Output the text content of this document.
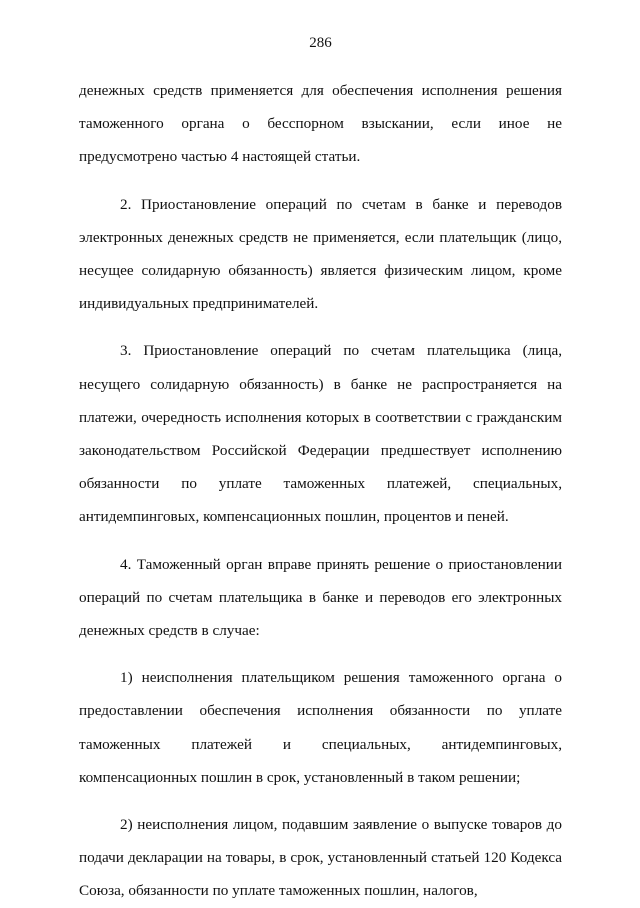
286

денежных средств применяется для обеспечения исполнения решения таможенного органа о бесспорном взыскании, если иное не предусмотрено частью 4 настоящей статьи.

2. Приостановление операций по счетам в банке и переводов электронных денежных средств не применяется, если плательщик (лицо, несущее солидарную обязанность) является физическим лицом, кроме индивидуальных предпринимателей.

3. Приостановление операций по счетам плательщика (лица, несущего солидарную обязанность) в банке не распространяется на платежи, очередность исполнения которых в соответствии с гражданским законодательством Российской Федерации предшествует исполнению обязанности по уплате таможенных платежей, специальных, антидемпинговых, компенсационных пошлин, процентов и пеней.

4. Таможенный орган вправе принять решение о приостановлении операций по счетам плательщика в банке и переводов его электронных денежных средств в случае:

1) неисполнения плательщиком решения таможенного органа о предоставлении обеспечения исполнения обязанности по уплате таможенных платежей и специальных, антидемпинговых, компенсационных пошлин в срок, установленный в таком решении;

2) неисполнения лицом, подавшим заявление о выпуске товаров до подачи декларации на товары, в срок, установленный статьей 120 Кодекса Союза, обязанности по уплате таможенных пошлин, налогов,
